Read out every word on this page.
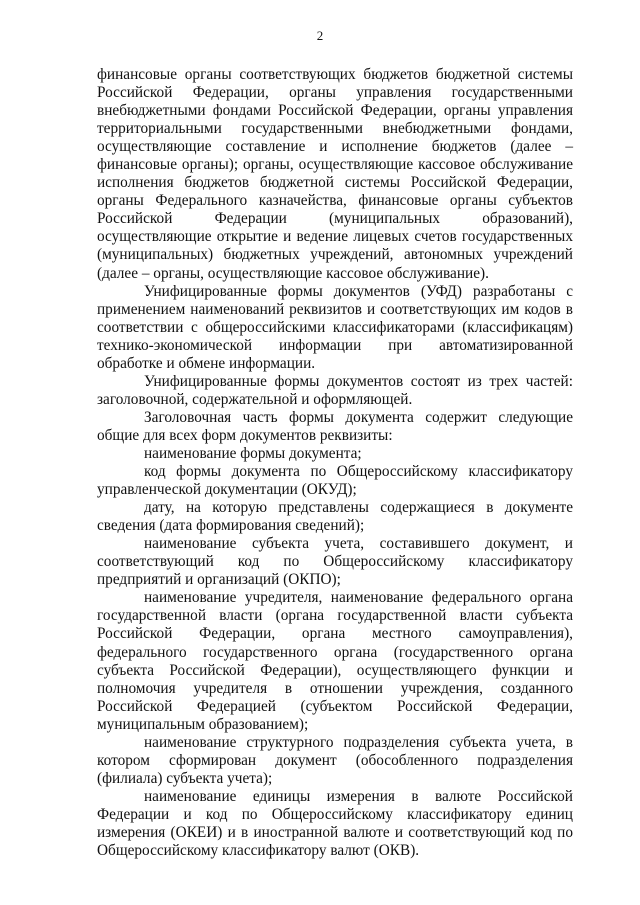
2

финансовые органы соответствующих бюджетов бюджетной системы Российской Федерации, органы управления государственными внебюджетными фондами Российской Федерации, органы управления территориальными государственными внебюджетными фондами, осуществляющие составление и исполнение бюджетов (далее – финансовые органы); органы, осуществляющие кассовое обслуживание исполнения бюджетов бюджетной системы Российской Федерации, органы Федерального казначейства, финансовые органы субъектов Российской Федерации (муниципальных образований), осуществляющие открытие и ведение лицевых счетов государственных (муниципальных) бюджетных учреждений, автономных учреждений (далее – органы, осуществляющие кассовое обслуживание).

Унифицированные формы документов (УФД) разработаны с применением наименований реквизитов и соответствующих им кодов в соответствии с общероссийскими классификаторами (классификацям) технико-экономической информации при автоматизированной обработке и обмене информации.

Унифицированные формы документов состоят из трех частей: заголовочной, содержательной и оформляющей.

Заголовочная часть формы документа содержит следующие общие для всех форм документов реквизиты:

наименование формы документа;

код формы документа по Общероссийскому классификатору управленческой документации (ОКУД);

дату, на которую представлены содержащиеся в документе сведения (дата формирования сведений);

наименование субъекта учета, составившего документ, и соответствующий код по Общероссийскому классификатору предприятий и организаций (ОКПО);

наименование учредителя, наименование федерального органа государственной власти (органа государственной власти субъекта Российской Федерации, органа местного самоуправления), федерального государственного органа (государственного органа субъекта Российской Федерации), осуществляющего функции и полномочия учредителя в отношении учреждения, созданного Российской Федерацией (субъектом Российской Федерации, муниципальным образованием);

наименование структурного подразделения субъекта учета, в котором сформирован документ (обособленного подразделения (филиала) субъекта учета);

наименование единицы измерения в валюте Российской Федерации и код по Общероссийскому классификатору единиц измерения (ОКЕИ) и в иностранной валюте и соответствующий код по Общероссийскому классификатору валют (ОКВ).
